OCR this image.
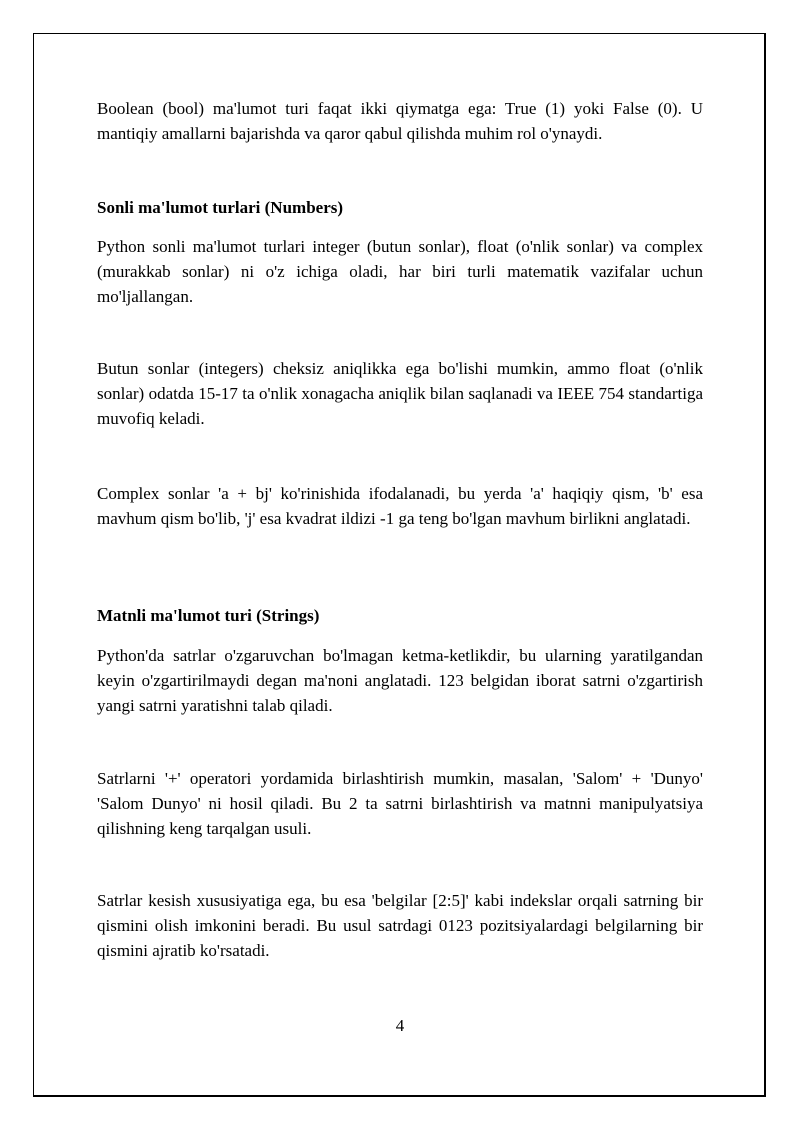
Boolean (bool) ma'lumot turi faqat ikki qiymatga ega: True (1) yoki False (0). U mantiqiy amallarni bajarishda va qaror qabul qilishda muhim rol o'ynaydi.

Sonli ma'lumot turlari (Numbers)

Python sonli ma'lumot turlari integer (butun sonlar), float (o'nlik sonlar) va complex (murakkab sonlar) ni o'z ichiga oladi, har biri turli matematik vazifalar uchun mo'ljallangan.

Butun sonlar (integers) cheksiz aniqlikka ega bo'lishi mumkin, ammo float (o'nlik sonlar) odatda 15-17 ta o'nlik xonagacha aniqlik bilan saqlanadi va IEEE 754 standartiga muvofiq keladi.

Complex sonlar 'a + bj' ko'rinishida ifodalanadi, bu yerda 'a' haqiqiy qism, 'b' esa mavhum qism bo'lib, 'j' esa kvadrat ildizi -1 ga teng bo'lgan mavhum birlikni anglatadi.

Matnli ma'lumot turi (Strings)

Python'da satrlar o'zgaruvchan bo'lmagan ketma-ketlikdir, bu ularning yaratilgandan keyin o'zgartirilmaydi degan ma'noni anglatadi. 123 belgidan iborat satrni o'zgartirish yangi satrni yaratishni talab qiladi.

Satrlarni '+' operatori yordamida birlashtirish mumkin, masalan, 'Salom' + 'Dunyo' 'Salom Dunyo' ni hosil qiladi. Bu 2 ta satrni birlashtirish va matnni manipulyatsiya qilishning keng tarqalgan usuli.

Satrlar kesish xususiyatiga ega, bu esa 'belgilar [2:5]' kabi indekslar orqali satrning bir qismini olish imkonini beradi. Bu usul satrdagi 0123 pozitsiyalardagi belgilarning bir qismini ajratib ko'rsatadi.

4
